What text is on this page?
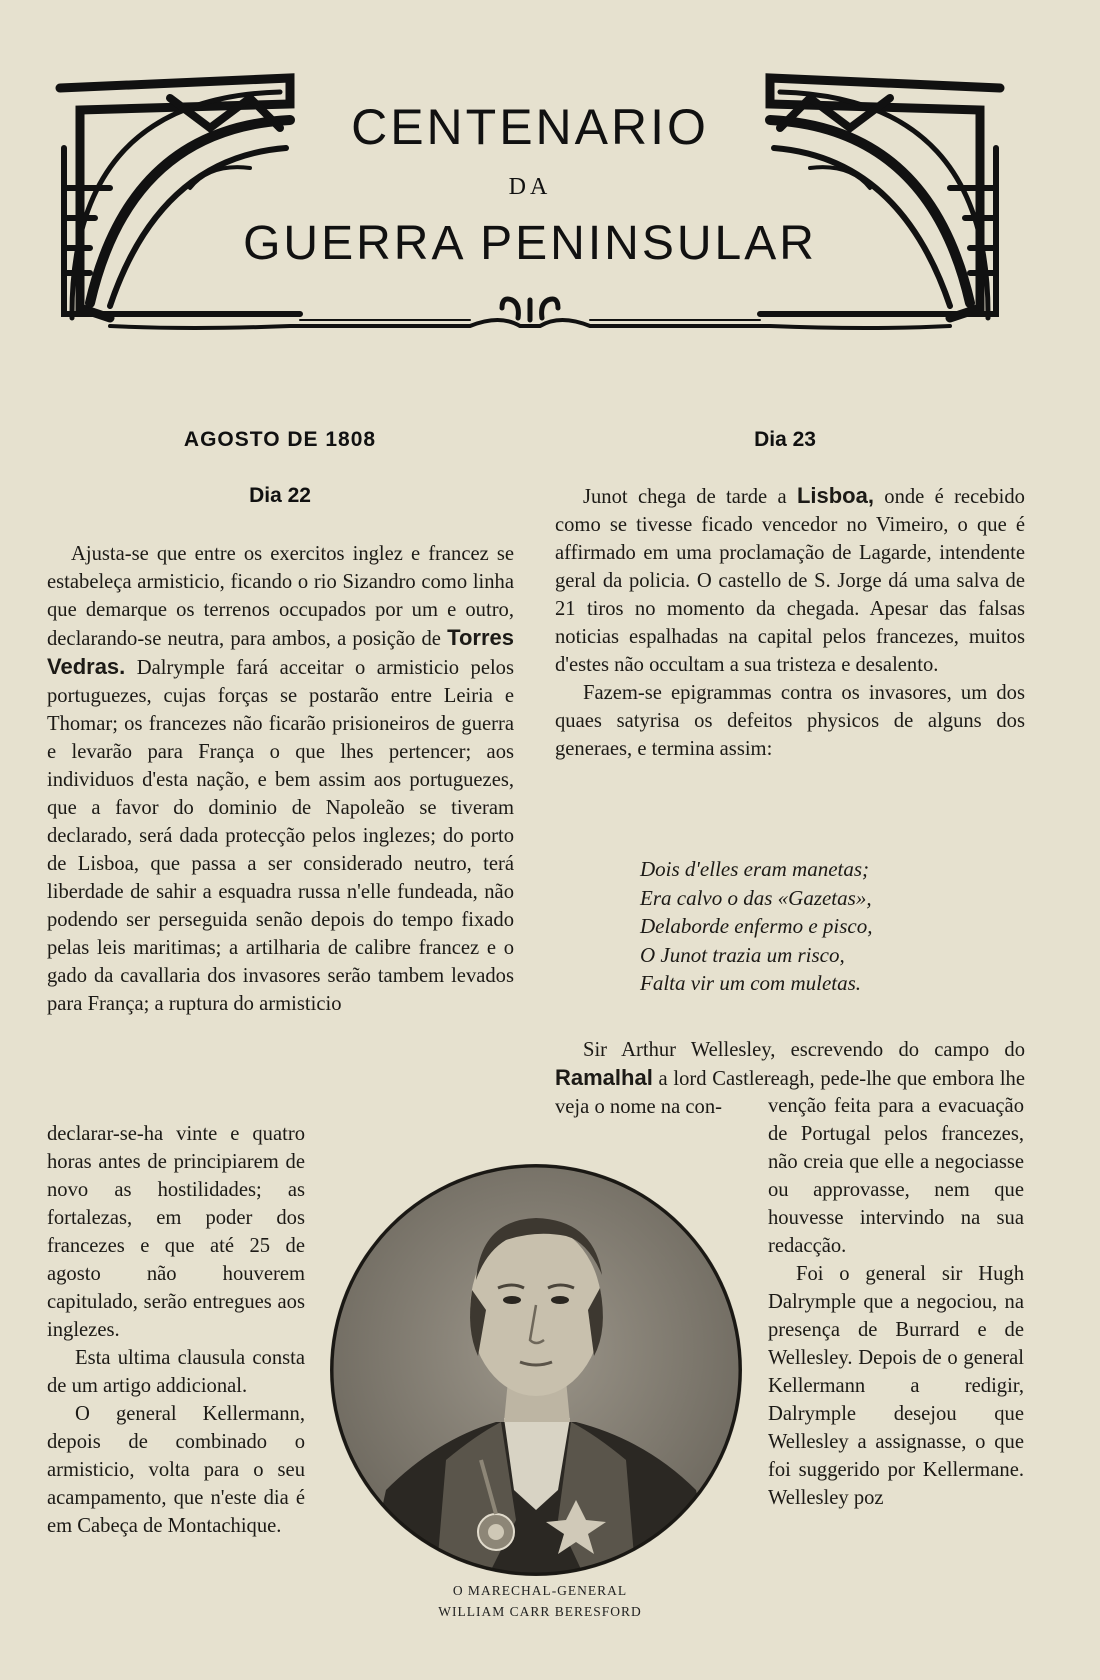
CENTENARIO
DA
GUERRA PENINSULAR
AGOSTO DE 1808
Dia 22
Dia 23

Ajusta-se que entre os exercitos inglez e francez se estabeleça armisticio, ficando o rio Sizandro como linha que demarque os terrenos occupados por um e outro, declarando-se neutra, para ambos, a posição de Torres Vedras. Dalrymple fará acceitar o armisticio pelos portuguezes, cujas forças se postarão entre Leiria e Thomar; os francezes não ficarão prisioneiros de guerra e levarão para França o que lhes pertencer; aos individuos d'esta nação, e bem assim aos portuguezes, que a favor do dominio de Napoleão se tiveram declarado, será dada protecção pelos inglezes; do porto de Lisboa, que passa a ser considerado neutro, terá liberdade de sahir a esquadra russa n'elle fundeada, não podendo ser perseguida senão depois do tempo fixado pelas leis maritimas; a artilharia de calibre francez e o gado da cavallaria dos invasores serão tambem levados para França; a ruptura do armisticio

declarar-se-ha vinte e quatro horas antes de principiarem de novo as hostilidades; as fortalezas, em poder dos francezes e que até 25 de agosto não houverem capitulado, serão entregues aos inglezes.

Esta ultima clausula consta de um artigo addicional.

O general Kellermann, depois de combinado o armisticio, volta para o seu acampamento, que n'este dia é em Cabeça de Montachique.

Junot chega de tarde a Lisboa, onde é recebido como se tivesse ficado vencedor no Vimeiro, o que é affirmado em uma proclamação de Lagarde, intendente geral da policia. O castello de S. Jorge dá uma salva de 21 tiros no momento da chegada. Apesar das falsas noticias espalhadas na capital pelos francezes, muitos d'estes não occultam a sua tristeza e desalento.

Fazem-se epigrammas contra os invasores, um dos quaes satyrisa os defeitos physicos de alguns dos generaes, e termina assim:

Dois d'elles eram manetas;
Era calvo o das «Gazetas»,
Delaborde enfermo e pisco,
O Junot trazia um risco,
Falta vir um com muletas.

Sir Arthur Wellesley, escrevendo do campo do Ramalhal a lord Castlereagh, pede-lhe que embora lhe veja o nome na con-	venção feita para a evacuação de Portugal pelos francezes, não creia que elle a negociasse ou approvasse, nem que houvesse intervindo na sua redacção.

Foi o general sir Hugh Dalrymple que a negociou, na presença de Burrard e de Wellesley. Depois de o general Kellermann a redigir, Dalrymple desejou que Wellesley a assignasse, o que foi suggerido por Kellermane. Wellesley poz

O MARECHAL-GENERAL
WILLIAM CARR BERESFORD
